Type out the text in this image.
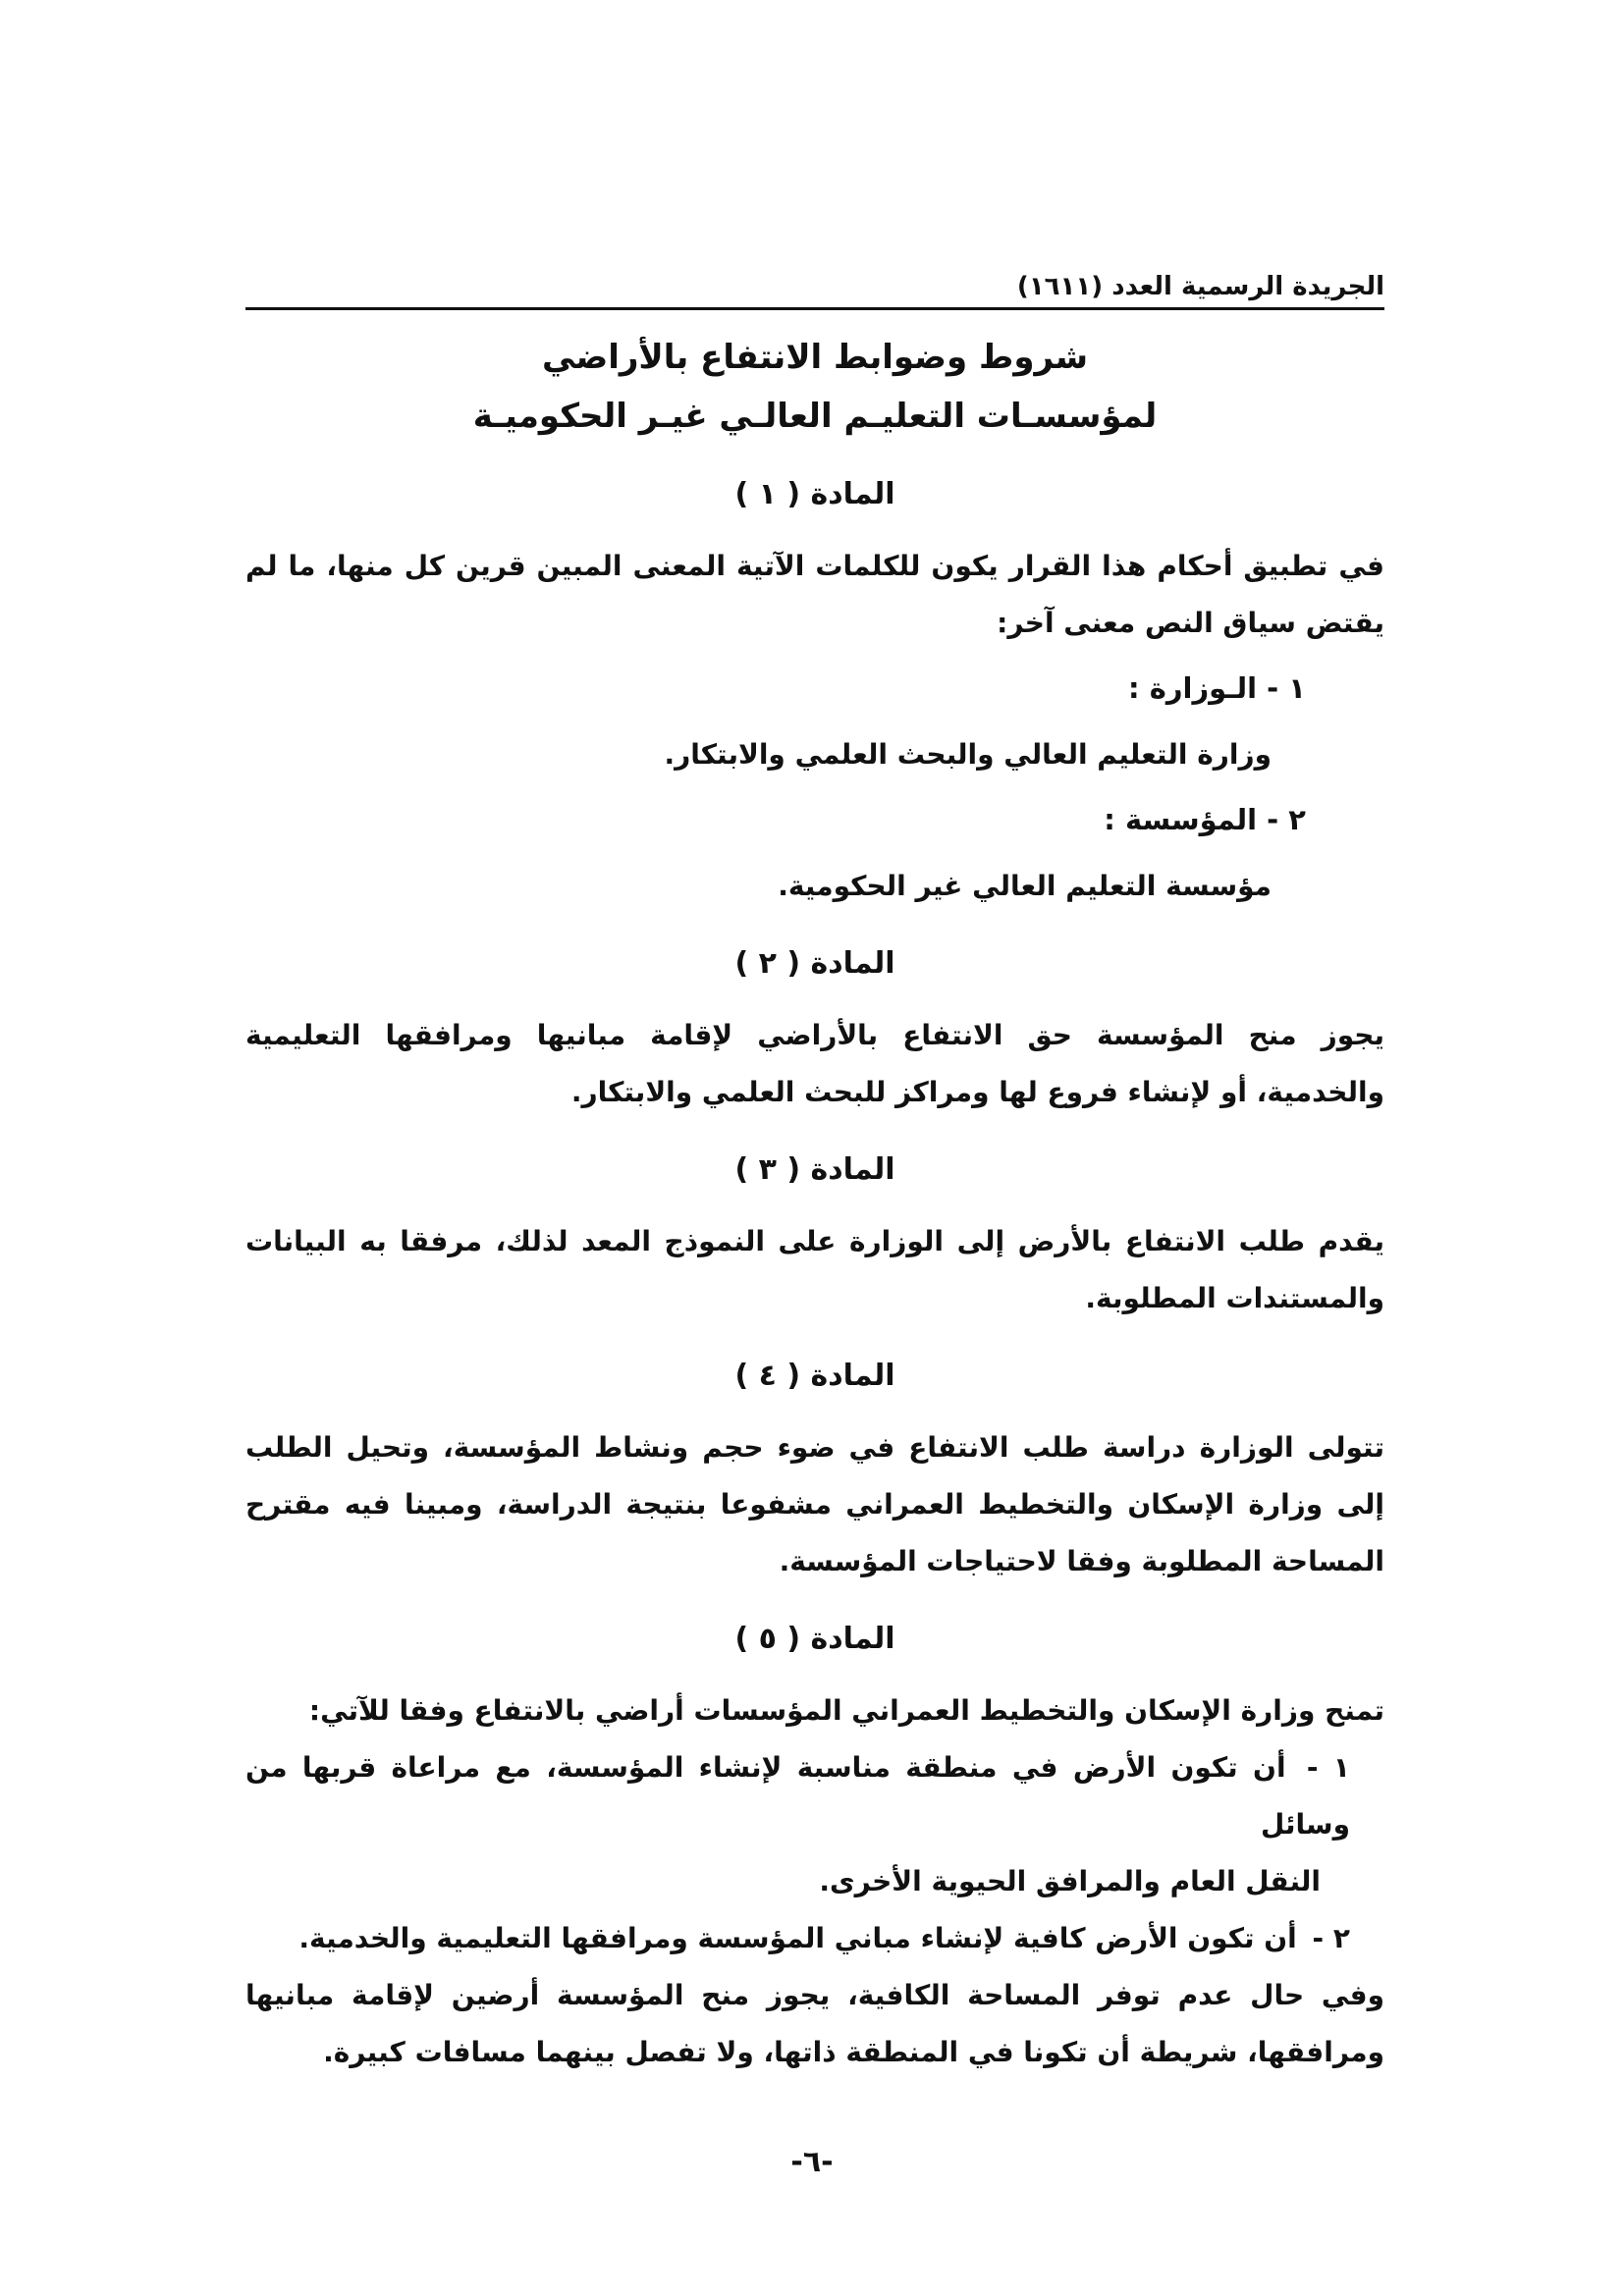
الجريدة الرسمية العدد (١٦١١)
شروط وضوابط الانتفاع بالأراضي
لمؤسسـات التعليـم العالـي غيـر الحكوميـة
المادة ( ١ )
في تطبيق أحكام هذا القرار يكون للكلمات الآتية المعنى المبين قرين كل منها، ما لم يقتض سياق النص معنى آخر:
١ - الـوزارة :
وزارة التعليم العالي والبحث العلمي والابتكار.
٢ - المؤسسة :
مؤسسة التعليم العالي غير الحكومية.
المادة ( ٢ )
يجوز منح المؤسسة حق الانتفاع بالأراضي لإقامة مبانيها ومرافقها التعليمية والخدمية، أو لإنشاء فروع لها ومراكز للبحث العلمي والابتكار.
المادة ( ٣ )
يقدم طلب الانتفاع بالأرض إلى الوزارة على النموذج المعد لذلك، مرفقا به البيانات والمستندات المطلوبة.
المادة ( ٤ )
تتولى الوزارة دراسة طلب الانتفاع في ضوء حجم ونشاط المؤسسة، وتحيل الطلب إلى وزارة الإسكان والتخطيط العمراني مشفوعا بنتيجة الدراسة، ومبينا فيه مقترح المساحة المطلوبة وفقا لاحتياجات المؤسسة.
المادة ( ٥ )
تمنح وزارة الإسكان والتخطيط العمراني المؤسسات أراضي بالانتفاع وفقا للآتي:
١ - أن تكون الأرض في منطقة مناسبة لإنشاء المؤسسة، مع مراعاة قربها من وسائل
النقل العام والمرافق الحيوية الأخرى.
٢ - أن تكون الأرض كافية لإنشاء مباني المؤسسة ومرافقها التعليمية والخدمية.
وفي حال عدم توفر المساحة الكافية، يجوز منح المؤسسة أرضين لإقامة مبانيها ومرافقها، شريطة أن تكونا في المنطقة ذاتها، ولا تفصل بينهما مسافات كبيرة.
-٦-
